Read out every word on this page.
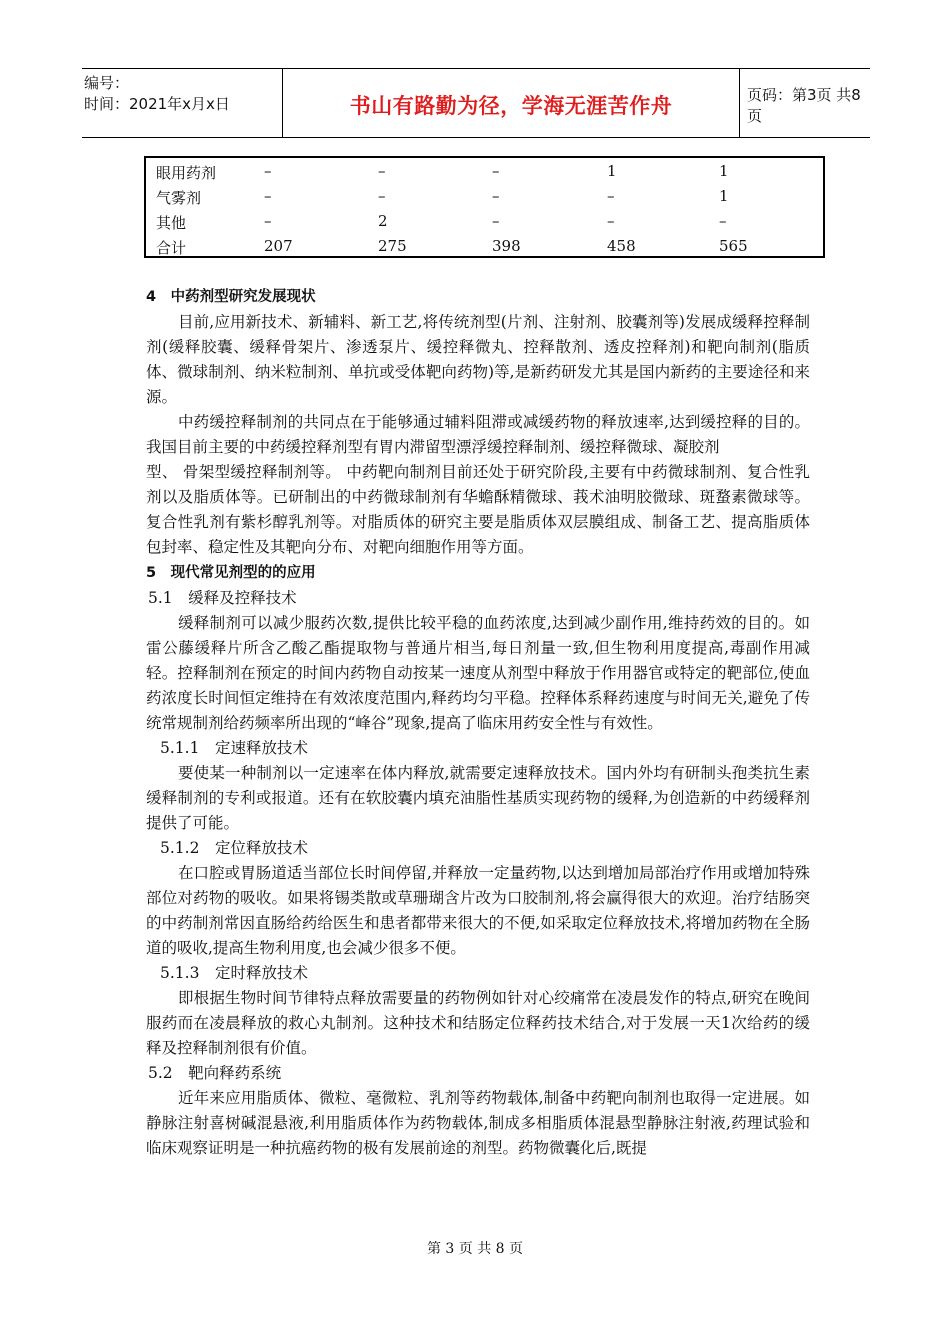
编号：
时间：2021年x月x日	书山有路勤为径，学海无涯苦作舟	页码：第3页 共8页
眼用药剂	–	–	–	1	1
气雾剂	–	–	–	–	1
其他	–	2	–	–	–
合计	207	275	398	458	565
4　中药剂型研究发展现状

目前,应用新技术、新辅料、新工艺,将传统剂型(片剂、注射剂、胶囊剂等)发展成缓释控释制剂(缓释胶囊、缓释骨架片、渗透泵片、缓控释微丸、控释散剂、透皮控释剂)和靶向制剂(脂质体、微球制剂、纳米粒制剂、单抗或受体靶向药物)等,是新药研发尤其是国内新药的主要途径和来源。

中药缓控释制剂的共同点在于能够通过辅料阻滞或减缓药物的释放速率,达到缓控释的目的。我国目前主要的中药缓控释剂型有胃内滞留型漂浮缓控释制剂、缓控释微球、凝胶剂

型、 骨架型缓控释制剂等。 中药靶向制剂目前还处于研究阶段,主要有中药微球制剂、复合性乳剂以及脂质体等。已研制出的中药微球制剂有华蟾酥精微球、莪术油明胶微球、斑蝥素微球等。复合性乳剂有紫杉醇乳剂等。对脂质体的研究主要是脂质体双层膜组成、制备工艺、提高脂质体包封率、稳定性及其靶向分布、对靶向细胞作用等方面。

5　现代常见剂型的的应用
5.1　缓释及控释技术

缓释制剂可以减少服药次数,提供比较平稳的血药浓度,达到减少副作用,维持药效的目的。如雷公藤缓释片所含乙酸乙酯提取物与普通片相当,每日剂量一致,但生物利用度提高,毒副作用减轻。控释制剂在预定的时间内药物自动按某一速度从剂型中释放于作用器官或特定的靶部位,使血药浓度长时间恒定维持在有效浓度范围内,释药均匀平稳。控释体系释药速度与时间无关,避免了传统常规制剂给药频率所出现的“峰谷”现象,提高了临床用药安全性与有效性。

5.1.1　定速释放技术

要使某一种制剂以一定速率在体内释放,就需要定速释放技术。国内外均有研制头孢类抗生素缓释制剂的专利或报道。还有在软胶囊内填充油脂性基质实现药物的缓释,为创造新的中药缓释剂提供了可能。

5.1.2　定位释放技术

在口腔或胃肠道适当部位长时间停留,并释放一定量药物,以达到增加局部治疗作用或增加特殊部位对药物的吸收。如果将锡类散或草珊瑚含片改为口胶制剂,将会赢得很大的欢迎。治疗结肠突的中药制剂常因直肠给药给医生和患者都带来很大的不便,如采取定位释放技术,将增加药物在全肠道的吸收,提高生物利用度,也会减少很多不便。

5.1.3　定时释放技术

即根据生物时间节律特点释放需要量的药物例如针对心绞痛常在凌晨发作的特点,研究在晚间服药而在凌晨释放的救心丸制剂。这种技术和结肠定位释药技术结合,对于发展一天1次给药的缓释及控释制剂很有价值。

5.2　靶向释药系统

近年来应用脂质体、微粒、毫微粒、乳剂等药物载体,制备中药靶向制剂也取得一定进展。如静脉注射喜树碱混悬液,利用脂质体作为药物载体,制成多相脂质体混悬型静脉注射液,药理试验和临床观察证明是一种抗癌药物的极有发展前途的剂型。药物微囊化后,既提

第 3 页 共 8 页
